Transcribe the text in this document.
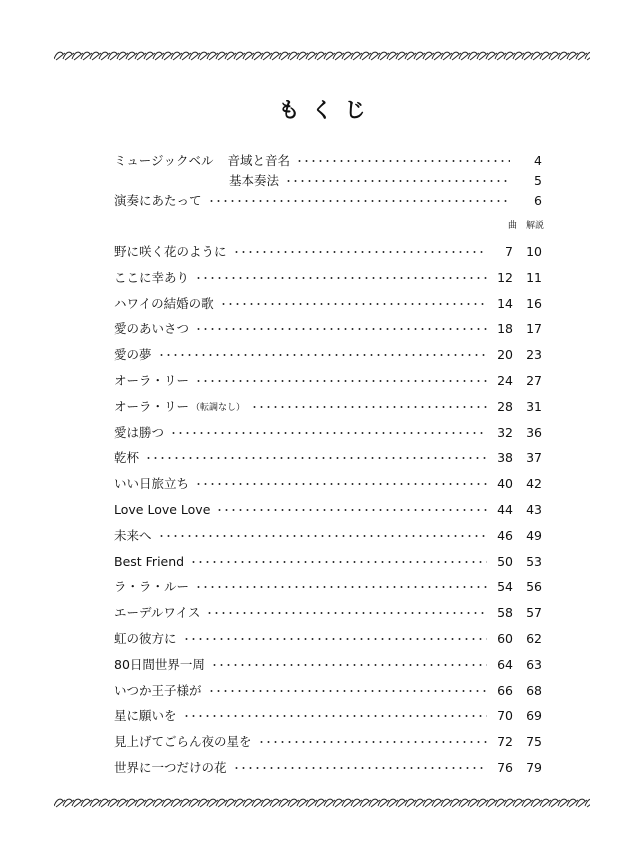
もくじ
ミュージックベル 音域と音名	4
基本奏法	5
演奏にあたって	6
曲 解説
野に咲く花のように	7	10
ここに幸あり	12	11
ハワイの結婚の歌	14	16
愛のあいさつ	18	17
愛の夢	20	23
オーラ・リー	24	27
オーラ・リー （転調なし）	28	31
愛は勝つ	32	36
乾杯	38	37
いい日旅立ち	40	42
Love Love Love	44	43
未来へ	46	49
Best Friend	50	53
ラ・ラ・ルー	54	56
エーデルワイス	58	57
虹の彼方に	60	62
80日間世界一周	64	63
いつか王子様が	66	68
星に願いを	70	69
見上げてごらん夜の星を	72	75
世界に一つだけの花	76	79
